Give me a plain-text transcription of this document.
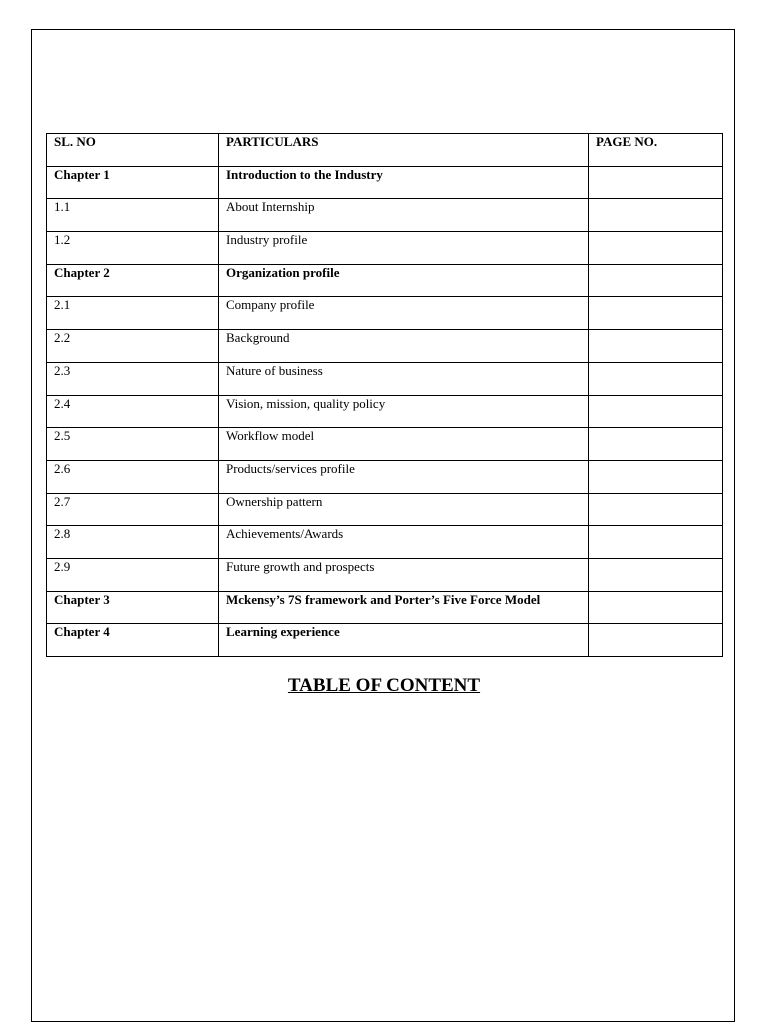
SL. NO	PARTICULARS	PAGE NO.

Chapter 1	Introduction to the Industry	

1.1	About Internship	

1.2	Industry profile	

Chapter 2	Organization profile	

2.1	Company profile	

2.2	Background	

2.3	Nature of business	

2.4	Vision, mission, quality policy	

2.5	Workflow model	

2.6	Products/services profile	

2.7	Ownership pattern	

2.8	Achievements/Awards	

2.9	Future growth and prospects	

Chapter 3	Mckensy’s 7S framework and Porter’s Five Force Model	

Chapter 4	Learning experience	

TABLE OF CONTENT
